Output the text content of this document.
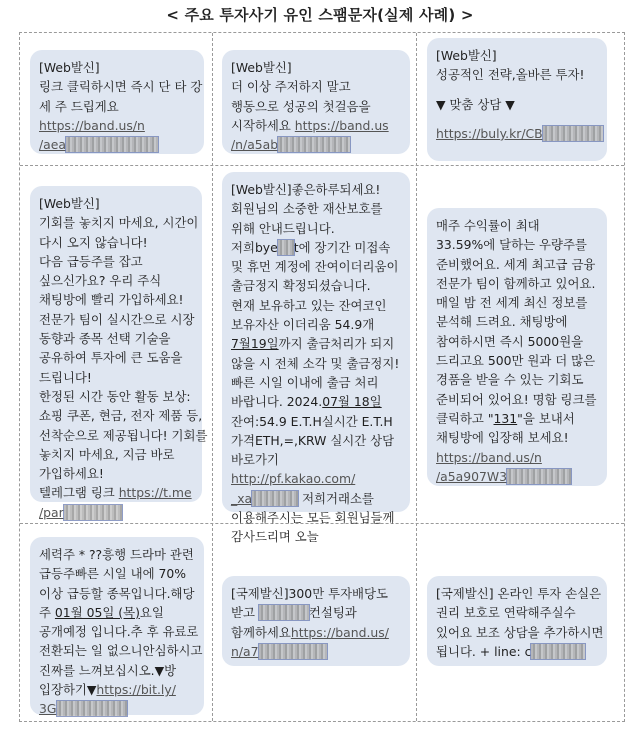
< 주요 투자사기 유인 스팸문자(실제 사례) >
[Web발신]
링크 클릭하시면 즉시 단 타 강
세 주 드립게요
https://band.us/n
/aea
[Web발신]
더 이상 주저하지 말고
행동으로 성공의 첫걸음을
시작하세요 https://band.us
/n/a5ab
[Web발신]
성공적인 전략,올바른 투자!
▼ 맞춤 상담 ▼
https://buly.kr/CB
[Web발신]
기회를 놓치지 마세요, 시간이
다시 오지 않습니다!
다음 급등주를 잡고
싶으신가요? 우리 주식
채팅방에 빨리 가입하세요!
전문가 팀이 실시간으로 시장
동향과 종목 선택 기술을
공유하여 투자에 큰 도움을
드립니다!
한정된 시간 동안 활동 보상:
쇼핑 쿠폰, 현금, 전자 제품 등,
선착순으로 제공됩니다! 기회를
놓치지 마세요, 지금 바로
가입하세요!
텔레그램 링크 https://t.me
/par
[Web발신]좋은하루되세요!
회원님의 소중한 재산보호를
위해 안내드립니다.
저희bye t에 장기간 미접속
및 휴먼 계정에 잔여이더리움이
출금정지 확정되셨습니다.
현재 보유하고 있는 잔여코인
보유자산 이더리움 54.9개
7월19일까지 출금처리가 되지
않을 시 전체 소각 및 출금정지!
빠른 시일 이내에 출금 처리
바랍니다. 2024.07월 18일
잔여:54.9 E.T.H실시간 E.T.H
가격ETH,=,KRW 실시간 상담
바로가기
http://pf.kakao.com/
_xa	저희거래소를
이용해주시는 모든 회원님들께
감사드리며 오늘
매주 수익률이 최대
33.59%에 달하는 우량주를
준비했어요. 세계 최고급 금융
전문가 팀이 함께하고 있어요.
매일 밤 전 세계 최신 정보를
분석해 드려요. 채팅방에
참여하시면 즉시 5000원을
드리고요 500만 원과 더 많은
경품을 받을 수 있는 기회도
준비되어 있어요! 명함 링크를
클릭하고 "131"을 보내서
채팅방에 입장해 보세요!
https://band.us/n
/a5a907W3
세력주 * ??흥행 드라마 관련
급등주빠른 시일 내에 70%
이상 급등할 종목입니다.해당
주 01월 05일 (목)요일
공개예정 입니다.추 후 유료로
전환되는 일 없으니안심하시고
진짜를 느껴보십시오.▼방
입장하기▼https://bit.ly/
3G
[국제발신]300만 투자배당도
받고	컨설팅과
함께하세요https://band.us/
n/a7
[국제발신] 온라인 투자 손실은
권리 보호로 연락해주실수
있어요 보조 상담을 추가하시면
됩니다. + line: c
